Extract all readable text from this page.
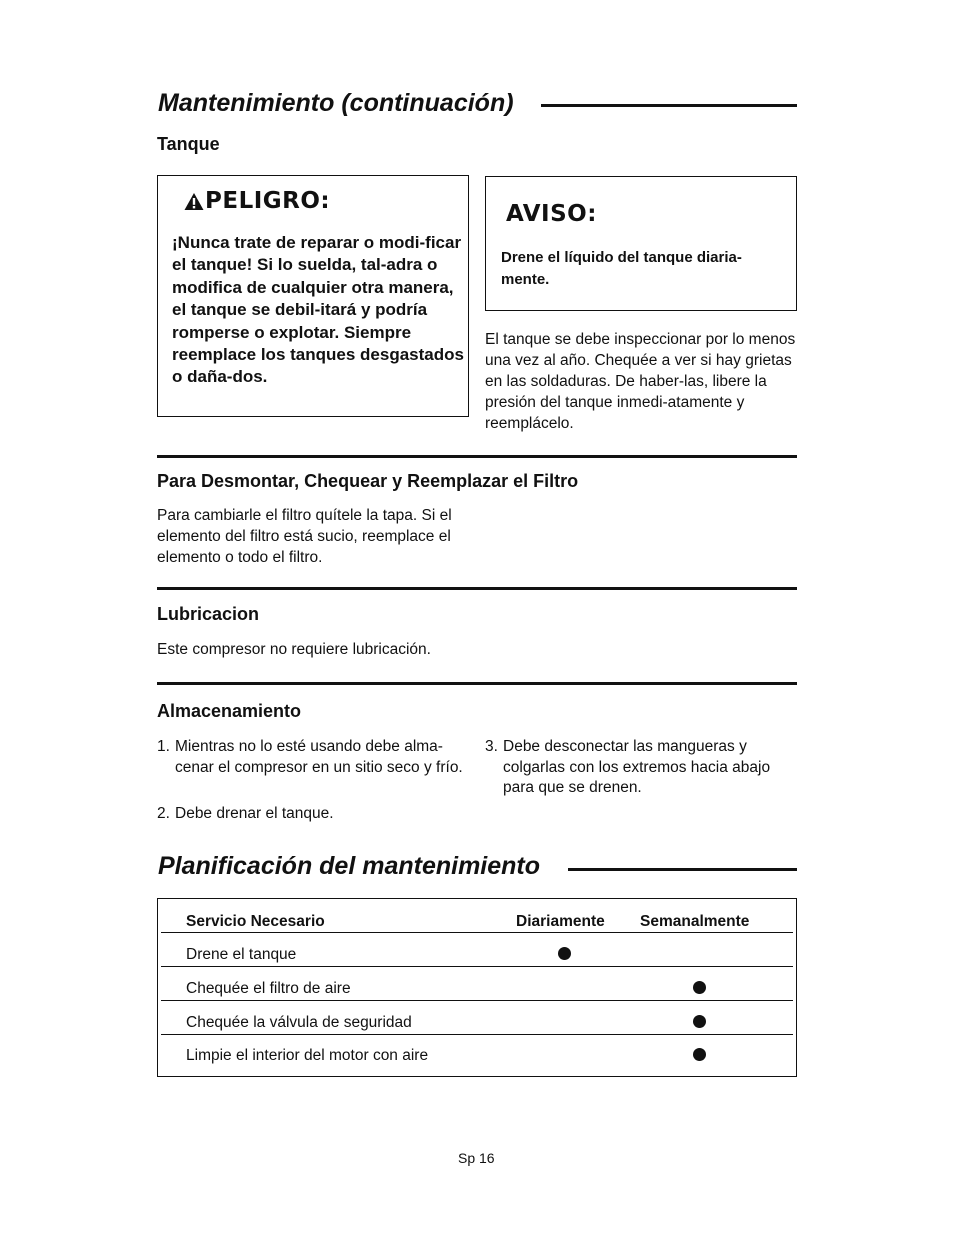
Mantenimiento (continuación)
Tanque
PELIGRO:
¡Nunca trate de reparar o modi-ficar el tanque! Si lo suelda, tal-adra o modifica de cualquier otra manera, el tanque se debil-itará y podría romperse o explotar. Siempre reemplace los tanques desgastados o daña-dos.
AVISO:
Drene el líquido del tanque diaria-mente.
El tanque se debe inspeccionar por lo menos una vez al año. Chequée a ver si hay grietas en las soldaduras. De haber-las, libere la presión del tanque inmedi-atamente y reemplácelo.
Para Desmontar, Chequear y Reemplazar el Filtro
Para cambiarle el filtro quítele la tapa. Si el elemento del filtro está sucio, reemplace el elemento o todo el filtro.
Lubricacion
Este compresor no requiere lubricación.
Almacenamiento
1. Mientras no lo esté usando debe alma-cenar el compresor en un sitio seco y frío.
2. Debe drenar el tanque.
3. Debe desconectar las mangueras y colgarlas con los extremos hacia abajo para que se drenen.
Planificación del mantenimiento
Servicio Necesario	Diariamente Semanalmente
Drene el tanque
Chequée el filtro de aire
Chequée la válvula de seguridad
Limpie el interior del motor con aire
Sp 16
